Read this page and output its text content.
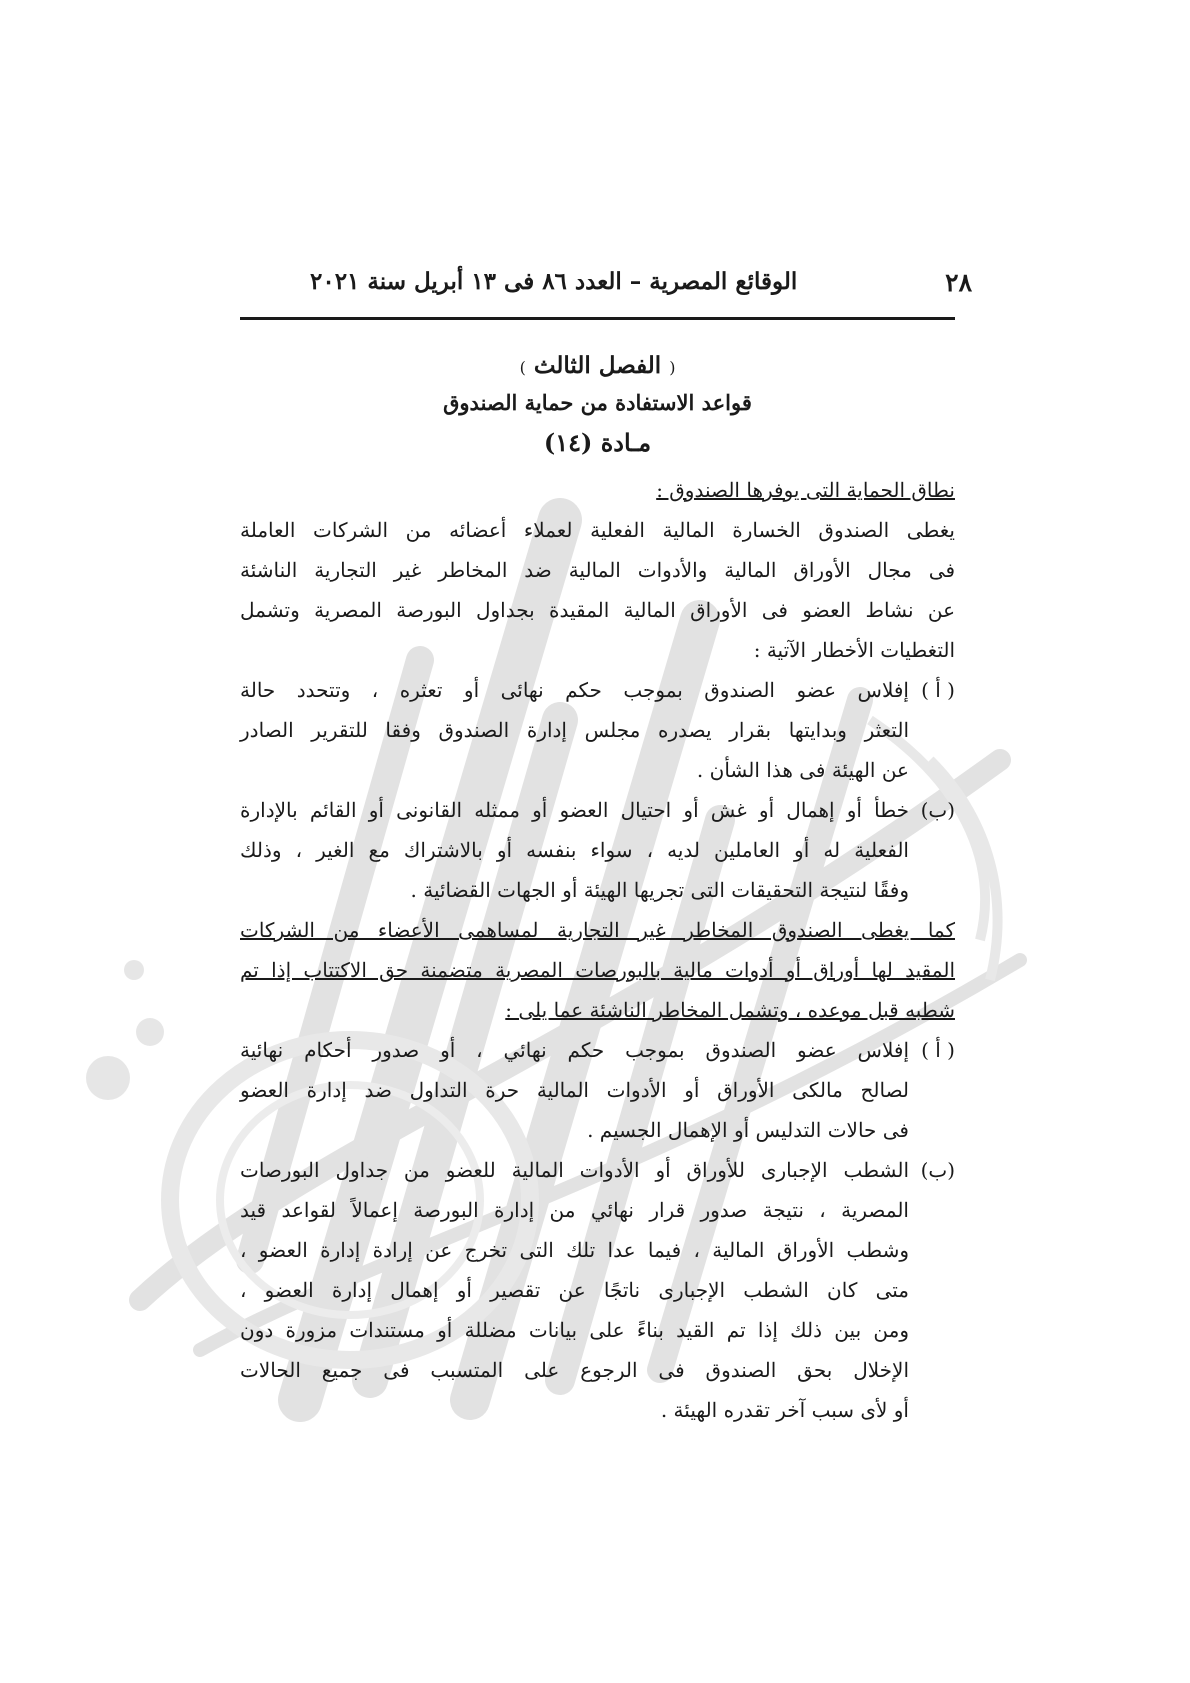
٢٨
الوقائع المصرية – العدد ٨٦ فى ١٣ أبريل سنة ٢٠٢١
( الفصل الثالث )
قواعد الاستفادة من حماية الصندوق
مـادة (١٤)

نطاق الحماية التى يوفرها الصندوق :

يغطى الصندوق الخسارة المالية الفعلية لعملاء أعضائه من الشركات العاملة

فى مجال الأوراق المالية والأدوات المالية ضد المخاطر غير التجارية الناشئة

عن نشاط العضو فى الأوراق المالية المقيدة بجداول البورصة المصرية وتشمل

التغطيات الأخطار الآتية :

( أ )

إفلاس عضو الصندوق بموجب حكم نهائى أو تعثره ، وتتحدد حالة

التعثر وبدايتها بقرار يصدره مجلس إدارة الصندوق وفقا للتقرير الصادر

عن الهيئة فى هذا الشأن .

(ب)

خطأ أو إهمال أو غش أو احتيال العضو أو ممثله القانونى أو القائم بالإدارة

الفعلية له أو العاملين لديه ، سواء بنفسه أو بالاشتراك مع الغير ، وذلك

وفقًا لنتيجة التحقيقات التى تجريها الهيئة أو الجهات القضائية .

كما يغطى الصندوق المخاطر غير التجارية لمساهمى الأعضاء من الشركات

المقيد لها أوراق أو أدوات مالية بالبورصات المصرية متضمنة حق الاكتتاب إذا تم

شطبه قبل موعده ، وتشمل المخاطر الناشئة عما يلى :

( أ )

إفلاس عضو الصندوق بموجب حكم نهائي ، أو صدور أحكام نهائية

لصالح مالكى الأوراق أو الأدوات المالية حرة التداول ضد إدارة العضو

فى حالات التدليس أو الإهمال الجسيم .

(ب)

الشطب الإجبارى للأوراق أو الأدوات المالية للعضو من جداول البورصات

المصرية ، نتيجة صدور قرار نهائي من إدارة البورصة إعمالاً لقواعد قيد

وشطب الأوراق المالية ، فيما عدا تلك التى تخرج عن إرادة إدارة العضو ،

متى كان الشطب الإجبارى ناتجًا عن تقصير أو إهمال إدارة العضو ،

ومن بين ذلك إذا تم القيد بناءً على بيانات مضللة أو مستندات مزورة دون

الإخلال بحق الصندوق فى الرجوع على المتسبب فى جميع الحالات

أو لأى سبب آخر تقدره الهيئة .
